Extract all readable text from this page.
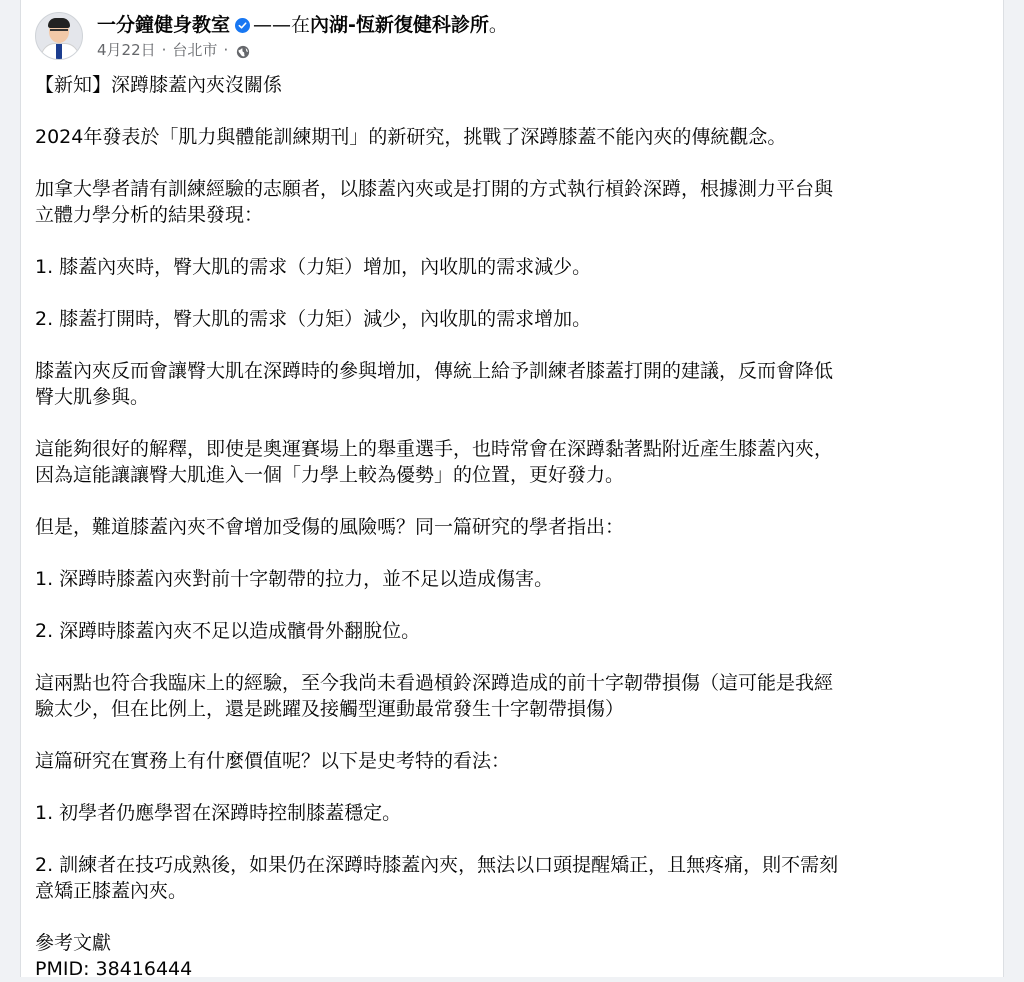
一分鐘健身教室 ——在 內湖-恆新復健科診所 。
4月22日 · 台北市 ·

【新知】深蹲膝蓋內夾沒關係

2024年發表於「肌力與體能訓練期刊」的新研究，挑戰了深蹲膝蓋不能內夾的傳統觀念。

加拿大學者請有訓練經驗的志願者，以膝蓋內夾或是打開的方式執行槓鈴深蹲，根據測力平台與

立體力學分析的結果發現：

1. 膝蓋內夾時，臀大肌的需求（力矩）增加，內收肌的需求減少。

2. 膝蓋打開時，臀大肌的需求（力矩）減少，內收肌的需求增加。

膝蓋內夾反而會讓臀大肌在深蹲時的參與增加，傳統上給予訓練者膝蓋打開的建議，反而會降低

臀大肌參與。

這能夠很好的解釋，即使是奧運賽場上的舉重選手，也時常會在深蹲黏著點附近產生膝蓋內夾，

因為這能讓讓臀大肌進入一個「力學上較為優勢」的位置，更好發力。

但是，難道膝蓋內夾不會增加受傷的風險嗎？同一篇研究的學者指出：

1. 深蹲時膝蓋內夾對前十字韌帶的拉力，並不足以造成傷害。

2. 深蹲時膝蓋內夾不足以造成髕骨外翻脫位。

這兩點也符合我臨床上的經驗，至今我尚未看過槓鈴深蹲造成的前十字韌帶損傷（這可能是我經

驗太少，但在比例上，還是跳躍及接觸型運動最常發生十字韌帶損傷）

這篇研究在實務上有什麼價值呢？以下是史考特的看法：

1. 初學者仍應學習在深蹲時控制膝蓋穩定。

2. 訓練者在技巧成熟後，如果仍在深蹲時膝蓋內夾，無法以口頭提醒矯正，且無疼痛，則不需刻

意矯正膝蓋內夾。

參考文獻

PMID: 38416444
